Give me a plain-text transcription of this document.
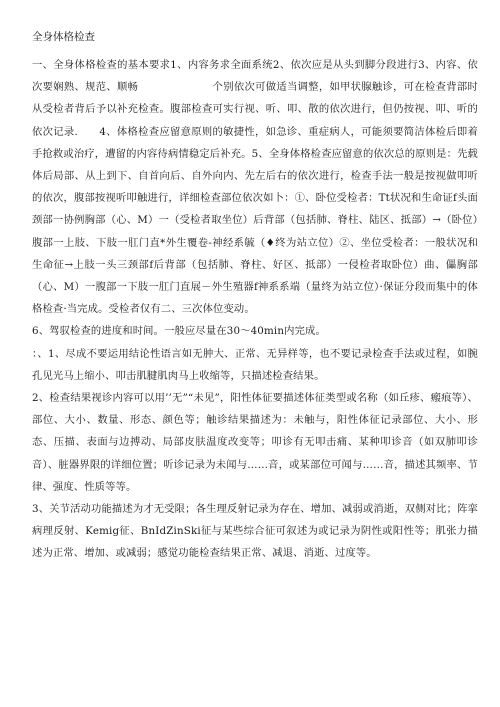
全身体格检查

一、全身体格检查的基本要求1、内容务求全面系统2、依次应是从头到脚分段进行3、内容、依次要娴熟、规范、顺畅　　　　　　　个别依次可做适当调整，如甲状腺触诊，可在检查背部时从受检者背后予以补充检查。腹部检查可实行视、听、叩、散的依次进行，但仍按视、叩、听的依次记录.　　4、体格检查应留意原则的敏捷性，如急诊、重症病人，可能须要简洁体检后即着手抢救或治疗，遭留的内容待病情稳定后补充。5、全身体格检查应留意的依次总的原则是：先载体后局部、从上到下、自首向后、自外向内、先左后右的依次进行，检查手法一般是按视做叩听的依次，腹部按视听叩触进行，详细检查部位依次如卜：①、卧位受检者：Tt状况和生命证f头面颈部一协例胸部（心、M）一（受检者取坐位）后背部（包括肺、脊柱、陆区、抵部）→（卧位）腹部一上肢、下肢一肛门直*外生覆卷-神经系毓（♦终为站立位）②、坐位受检者：一般状况和生命征→上肢一头三颈部f后背部（包括肺、脊柱、好区、抵部）一侵检者取卧位）曲、儡胸部（心、M）一腹部一下肢一肛门直展－外生殖器f神系系端（量终为站立位）·保证分段而集中的体格检查·当完成。受检者仅有二、三次体位变动。

6、驾驭检查的进度和时间。一般应尽量在30～40min内完成。

：、1、尽成不要运用结论性语言如无肿大、正常、无异样等，也不要记录检查手法或过程，如腕孔见光马上缩小、叩击肌腱肌肉马上收缩等，只描述检查结果。

2、检查结果视诊内容可以用’’无”“未见”，阳性体征要描述体征类型或名称（如丘疹、瘢痕等）、部位、大小、数量、形态、颜色等；触诊结果描述为：未触与，阳性体征记录部位、大小、形态、压描、表面与边搏动、局部皮肤温度改变等；叩诊有无叩击痛、某种叩诊音（如双肺叩诊音）、脏器界限的详细位置；听诊记录为未闻与……音，或某部位可闻与……音，描述其频率、节律、强度、性质等等。

3、关节活动功能描述为才无受限；各生理反射记录为存在、增加、减弱或消逝，双侧对比；阵挛病理反射、Kemig征、BnIdZinSki征与某些综合征可叙述为或记录为阴性或阳性等；肌张力描述为正常、增加、或减弱；感觉功能检查结果正常、减退、消逝、过度等。
